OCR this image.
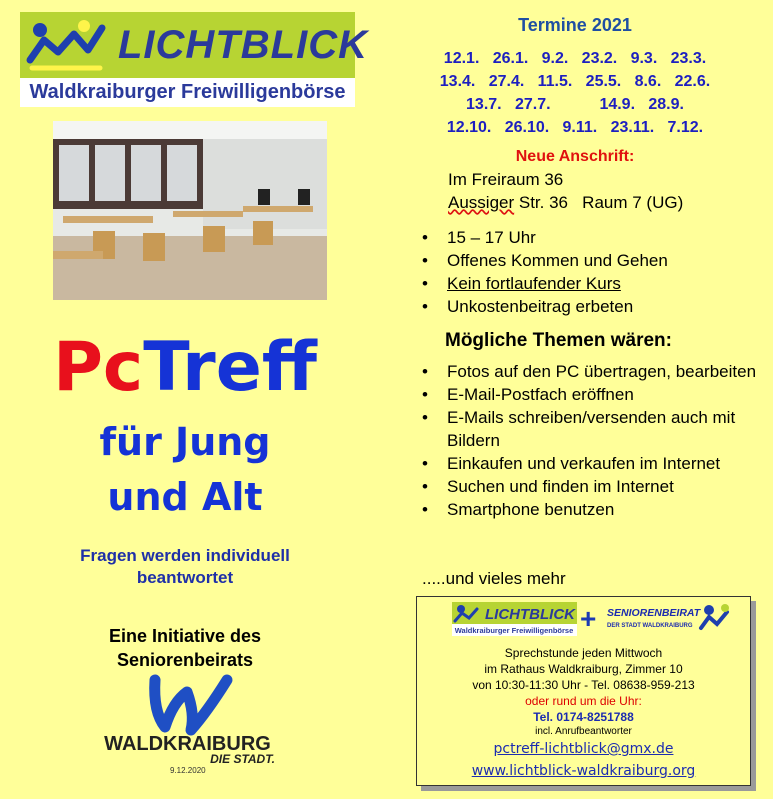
LICHTBLICK
Waldkraiburger Freiwilligenbörse
PcTreff
für Jung
und Alt
Fragen werden individuell
beantwortet
Eine Initiative des
Seniorenbeirats
WALDKRAIBURG
DIE STADT.
9.12.2020
Termine 2021
12.1.   26.1.   9.2.   23.2.   9.3.   23.3.
13.4.   27.4.   11.5.   25.5.   8.6.   22.6.
13.7.   27.7.           14.9.   28.9.
12.10.   26.10.   9.11.   23.11.   7.12.
Neue Anschrift:
Im Freiraum 36
Aussiger Str. 36   Raum 7 (UG)
• 15 – 17 Uhr
• Offenes Kommen und Gehen
• Kein fortlaufender Kurs
• Unkostenbeitrag erbeten
Mögliche Themen wären:
• Fotos auf den PC übertragen, bearbeiten
• E-Mail-Postfach eröffnen
• E-Mails schreiben/versenden auch mit Bildern
• Einkaufen und verkaufen im Internet
• Suchen und finden im Internet
• Smartphone benutzen
.....und vieles mehr
LICHTBLICK
Waldkraiburger Freiwilligenbörse + SENIORENBEIRAT
DER STADT WALDKRAIBURG
Sprechstunde jeden Mittwoch
im Rathaus Waldkraiburg, Zimmer 10
von 10:30-11:30 Uhr - Tel. 08638-959-213
oder rund um die Uhr:
Tel. 0174-8251788
incl. Anrufbeantworter
pctreff-lichtblick@gmx.de
www.lichtblick-waldkraiburg.org
